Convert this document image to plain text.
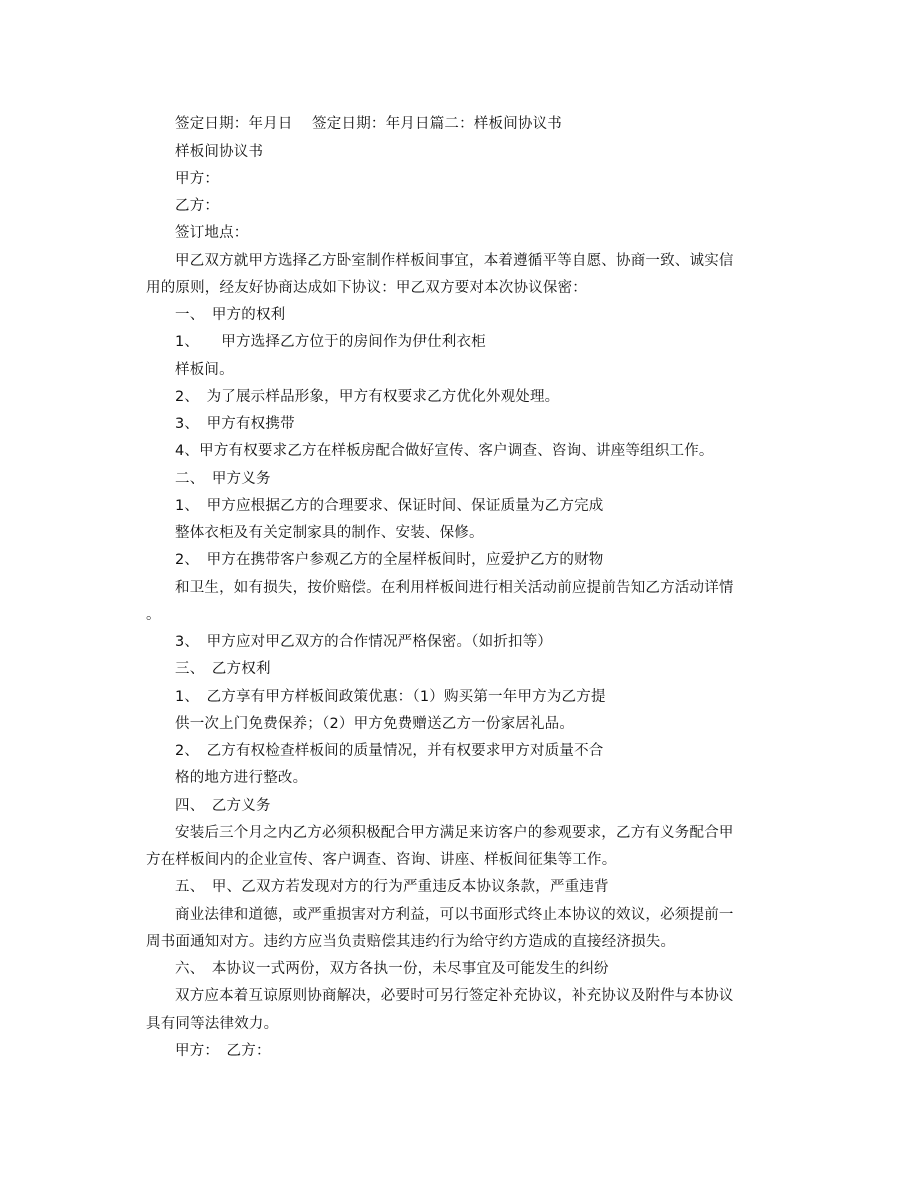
签定日期：年月日　 签定日期：年月日篇二：样板间协议书
样板间协议书
甲方：
乙方：
签订地点：
甲乙双方就甲方选择乙方卧室制作样板间事宜，本着遵循平等自愿、协商一致、诚实信
用的原则，经友好协商达成如下协议：甲乙双方要对本次协议保密：
一、　甲方的权利
1、　　甲方选择乙方位于的房间作为伊仕利衣柜
样板间。
2、　为了展示样品形象，甲方有权要求乙方优化外观处理。
3、　甲方有权携带
4、甲方有权要求乙方在样板房配合做好宣传、客户调查、咨询、讲座等组织工作。
二、　甲方义务
1、　甲方应根据乙方的合理要求、保证时间、保证质量为乙方完成
整体衣柜及有关定制家具的制作、安装、保修。
2、　甲方在携带客户参观乙方的全屋样板间时，应爱护乙方的财物
和卫生，如有损失，按价赔偿。在利用样板间进行相关活动前应提前告知乙方活动详情
。
3、　甲方应对甲乙双方的合作情况严格保密。（如折扣等）
三、　乙方权利
1、　乙方享有甲方样板间政策优惠：（1）购买第一年甲方为乙方提
供一次上门免费保养；（2）甲方免费赠送乙方一份家居礼品。
2、　乙方有权检查样板间的质量情况，并有权要求甲方对质量不合
格的地方进行整改。
四、　乙方义务
安装后三个月之内乙方必须积极配合甲方满足来访客户的参观要求，乙方有义务配合甲
方在样板间内的企业宣传、客户调查、咨询、讲座、样板间征集等工作。
五、　甲、乙双方若发现对方的行为严重违反本协议条款，严重违背
商业法律和道德，或严重损害对方利益，可以书面形式终止本协议的效议，必须提前一
周书面通知对方。违约方应当负责赔偿其违约行为给守约方造成的直接经济损失。
六、　本协议一式两份，双方各执一份，未尽事宜及可能发生的纠纷
双方应本着互谅原则协商解决，必要时可另行签定补充协议，补充协议及附件与本协议
具有同等法律效力。
甲方：　乙方：
